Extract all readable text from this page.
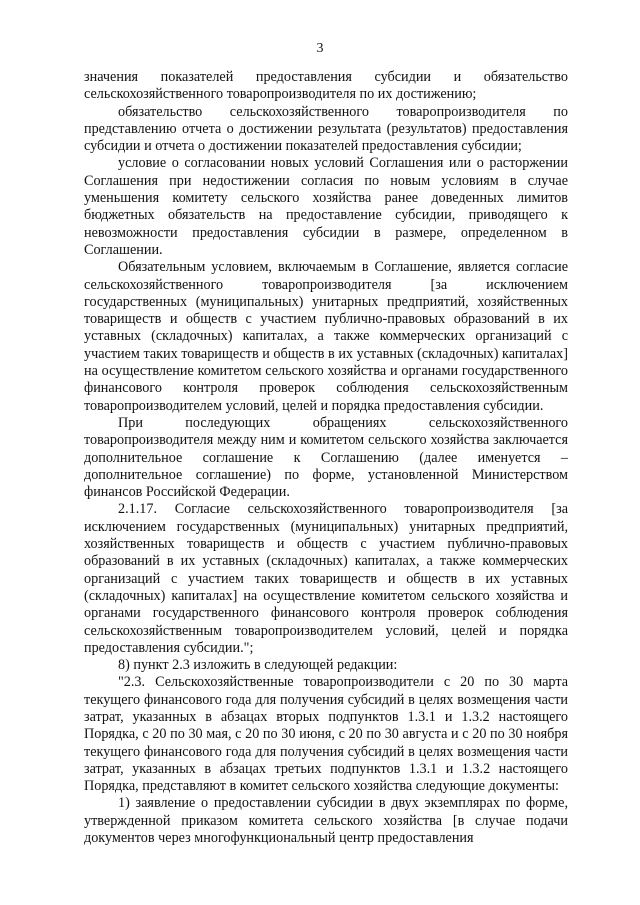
3

значения показателей предоставления субсидии и обязательство сельскохозяйственного товаропроизводителя по их достижению;

обязательство сельскохозяйственного товаропроизводителя по представлению отчета о достижении результата (результатов) предоставления субсидии и отчета о достижении показателей предоставления субсидии;

условие о согласовании новых условий Соглашения или о расторжении Соглашения при недостижении согласия по новым условиям в случае уменьшения комитету сельского хозяйства ранее доведенных лимитов бюджетных обязательств на предоставление субсидии, приводящего к невозможности предоставления субсидии в размере, определенном в Соглашении.

Обязательным условием, включаемым в Соглашение, является согласие сельскохозяйственного товаропроизводителя [за исключением государственных (муниципальных) унитарных предприятий, хозяйственных товариществ и обществ с участием публично-правовых образований в их уставных (складочных) капиталах, а также коммерческих организаций с участием таких товариществ и обществ в их уставных (складочных) капиталах] на осуществление комитетом сельского хозяйства и органами государственного финансового контроля проверок соблюдения сельскохозяйственным товаропроизводителем условий, целей и порядка предоставления субсидии.

При последующих обращениях сельскохозяйственного товаропроизводителя между ним и комитетом сельского хозяйства заключается дополнительное соглашение к Соглашению (далее именуется – дополнительное соглашение) по форме, установленной Министерством финансов Российской Федерации.

2.1.17. Согласие сельскохозяйственного товаропроизводителя [за исключением государственных (муниципальных) унитарных предприятий, хозяйственных товариществ и обществ с участием публично-правовых образований в их уставных (складочных) капиталах, а также коммерческих организаций с участием таких товариществ и обществ в их уставных (складочных) капиталах] на осуществление комитетом сельского хозяйства и органами государственного финансового контроля проверок соблюдения сельскохозяйственным товаропроизводителем условий, целей и порядка предоставления субсидии.";

8) пункт 2.3 изложить в следующей редакции:

"2.3. Сельскохозяйственные товаропроизводители с 20 по 30 марта текущего финансового года для получения субсидий в целях возмещения части затрат, указанных в абзацах вторых подпунктов 1.3.1 и 1.3.2 настоящего Порядка, с 20 по 30 мая, с 20 по 30 июня, с 20 по 30 августа и с 20 по 30 ноября текущего финансового года для получения субсидий в целях возмещения части затрат, указанных в абзацах третьих подпунктов 1.3.1 и 1.3.2 настоящего Порядка, представляют в комитет сельского хозяйства следующие документы:

1) заявление о предоставлении субсидии в двух экземплярах по форме, утвержденной приказом комитета сельского хозяйства [в случае подачи документов через многофункциональный центр предоставления
